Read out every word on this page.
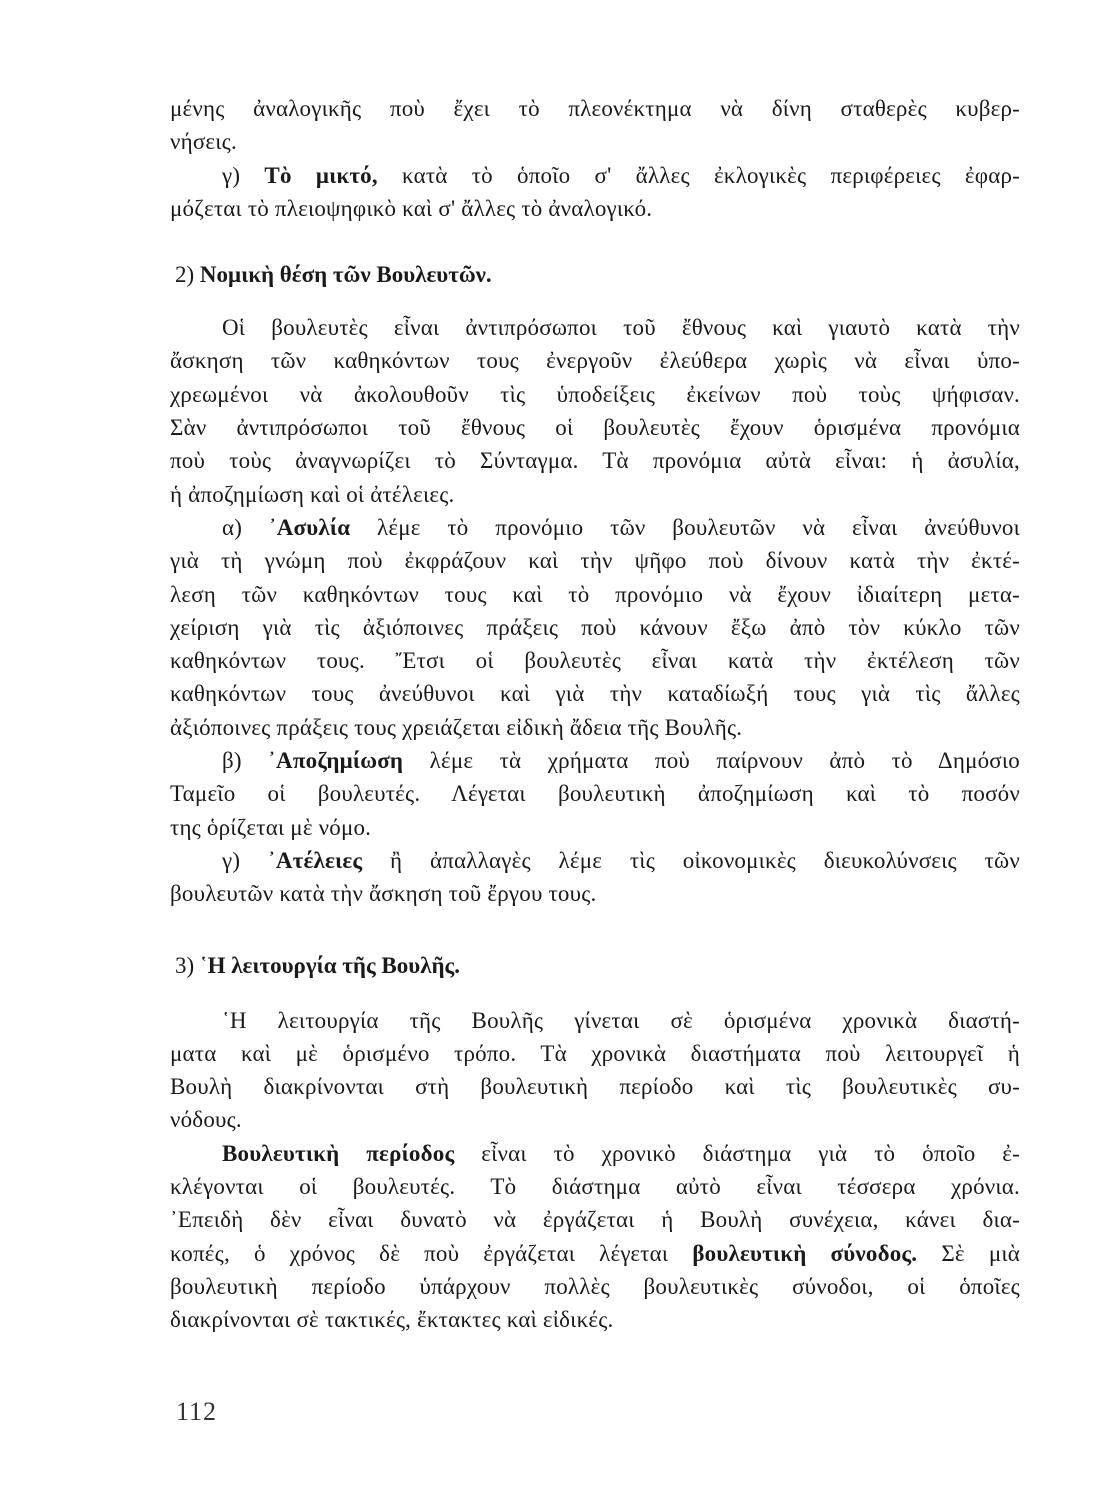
μένης ἀναλογικῆς ποὺ ἔχει τὸ πλεονέκτημα νὰ δίνη σταθερὲς κυβερ-

νήσεις.

γ) Τὸ μικτό, κατὰ τὸ ὁποῖο σ' ἄλλες ἐκλογικὲς περιφέρειες ἐφαρ-

μόζεται τὸ πλειοψηφικὸ καὶ σ' ἄλλες τὸ ἀναλογικό.

2) Νομικὴ θέση τῶν Βουλευτῶν.

Οἱ βουλευτὲς εἶναι ἀντιπρόσωποι τοῦ ἔθνους καὶ γιαυτὸ κατὰ τὴν

ἄσκηση τῶν καθηκόντων τους ἐνεργοῦν ἐλεύθερα χωρὶς νὰ εἶναι ὑπο-

χρεωμένοι νὰ ἀκολουθοῦν τὶς ὑποδείξεις ἐκείνων ποὺ τοὺς ψήφισαν.

Σὰν ἀντιπρόσωποι τοῦ ἔθνους οἱ βουλευτὲς ἔχουν ὁρισμένα προνόμια

ποὺ τοὺς ἀναγνωρίζει τὸ Σύνταγμα. Τὰ προνόμια αὐτὰ εἶναι: ἡ ἀσυλία,

ἡ ἀποζημίωση καὶ οἱ ἀτέλειες.

α) ᾿Ασυλία λέμε τὸ προνόμιο τῶν βουλευτῶν νὰ εἶναι ἀνεύθυνοι

γιὰ τὴ γνώμη ποὺ ἐκφράζουν καὶ τὴν ψῆφο ποὺ δίνουν κατὰ τὴν ἐκτέ-

λεση τῶν καθηκόντων τους καὶ τὸ προνόμιο νὰ ἔχουν ἰδιαίτερη μετα-

χείριση γιὰ τὶς ἀξιόποινες πράξεις ποὺ κάνουν ἔξω ἀπὸ τὸν κύκλο τῶν

καθηκόντων τους. Ἔτσι οἱ βουλευτὲς εἶναι κατὰ τὴν ἐκτέλεση τῶν

καθηκόντων τους ἀνεύθυνοι καὶ γιὰ τὴν καταδίωξή τους γιὰ τὶς ἄλλες

ἀξιόποινες πράξεις τους χρειάζεται εἰδικὴ ἄδεια τῆς Βουλῆς.

β) ᾿Αποζημίωση λέμε τὰ χρήματα ποὺ παίρνουν ἀπὸ τὸ Δημόσιο

Ταμεῖο οἱ βουλευτές. Λέγεται βουλευτικὴ ἀποζημίωση καὶ τὸ ποσόν

της ὁρίζεται μὲ νόμο.

γ) ᾿Ατέλειες ἢ ἀπαλλαγὲς λέμε τὶς οἰκονομικὲς διευκολύνσεις τῶν

βουλευτῶν κατὰ τὴν ἄσκηση τοῦ ἔργου τους.

3) ῾Η λειτουργία τῆς Βουλῆς.

῾Η λειτουργία τῆς Βουλῆς γίνεται σὲ ὁρισμένα χρονικὰ διαστή-

ματα καὶ μὲ ὁρισμένο τρόπο. Τὰ χρονικὰ διαστήματα ποὺ λειτουργεῖ ἡ

Βουλὴ διακρίνονται στὴ βουλευτικὴ περίοδο καὶ τὶς βουλευτικὲς συ-

νόδους.

Βουλευτικὴ περίοδος εἶναι τὸ χρονικὸ διάστημα γιὰ τὸ ὁποῖο ἐ-

κλέγονται οἱ βουλευτές. Τὸ διάστημα αὐτὸ εἶναι τέσσερα χρόνια.

᾿Επειδὴ δὲν εἶναι δυνατὸ νὰ ἐργάζεται ἡ Βουλὴ συνέχεια, κάνει δια-

κοπές, ὁ χρόνος δὲ ποὺ ἐργάζεται λέγεται βουλευτικὴ σύνοδος. Σὲ μιὰ

βουλευτικὴ περίοδο ὑπάρχουν πολλὲς βουλευτικὲς σύνοδοι, οἱ ὁποῖες

διακρίνονται σὲ τακτικές, ἔκτακτες καὶ εἰδικές.

112
